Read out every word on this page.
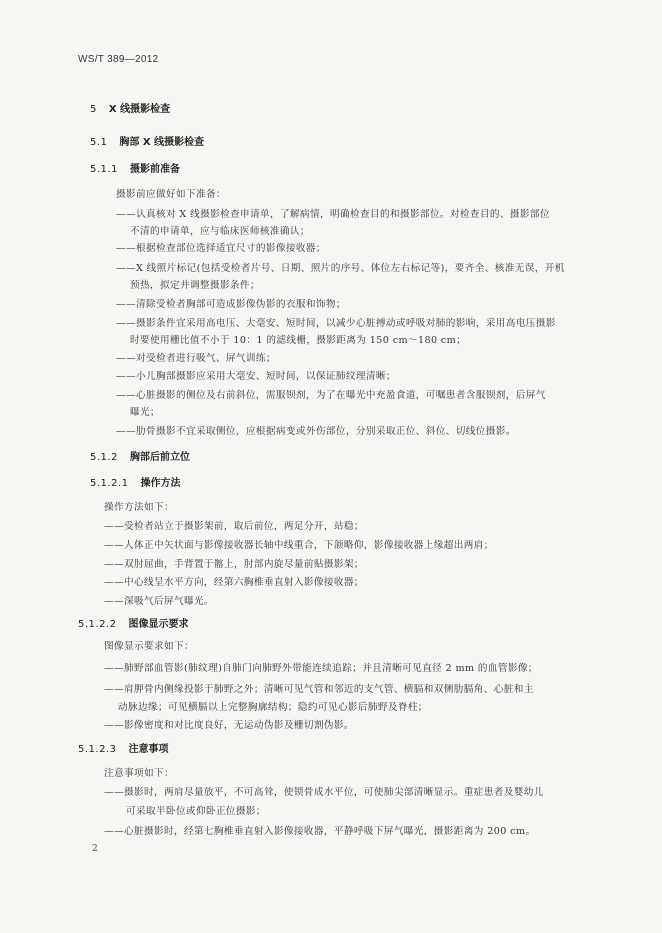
WS/T 389—2012
5 X 线摄影检查
5.1 胸部 X 线摄影检查
5.1.1 摄影前准备
摄影前应做好如下准备：
——认真核对 X 线摄影检查申请单，了解病情，明确检查目的和摄影部位。对检查目的、摄影部位
不清的申请单，应与临床医师核准确认；
——根据检查部位选择适宜尺寸的影像接收器；
——X 线照片标记(包括受检者片号、日期、照片的序号、体位左右标记等)，要齐全、核准无误，开机
预热，拟定并调整摄影条件；
——清除受检者胸部可造成影像伪影的衣服和饰物；
——摄影条件宜采用高电压、大毫安、短时间，以减少心脏搏动或呼吸对肺的影响，采用高电压摄影
时要使用栅比值不小于 10：1 的滤线栅，摄影距离为 150 cm～180 cm；
——对受检者进行吸气、屏气训练；
——小儿胸部摄影应采用大毫安、短时间，以保证肺纹理清晰；
——心脏摄影的侧位及右前斜位，需服钡剂，为了在曝光中充盈食道，可嘱患者含服钡剂，后屏气
曝光；
——肋骨摄影不宜采取侧位，应根据病变或外伤部位，分别采取正位、斜位、切线位摄影。
5.1.2 胸部后前立位
5.1.2.1 操作方法
操作方法如下：
——受检者站立于摄影架前，取后前位，两足分开，站稳；
——人体正中矢状面与影像接收器长轴中线重合，下颌略仰，影像接收器上缘超出两肩；
——双肘屈曲，手背置于髂上，肘部内旋尽量前贴摄影架；
——中心线呈水平方向，经第六胸椎垂直射入影像接收器；
——深吸气后屏气曝光。
5.1.2.2 图像显示要求
图像显示要求如下：
——肺野部血管影(肺纹理)自肺门向肺野外带能连续追踪；并且清晰可见直径 2 mm 的血管影像；
——肩胛骨内侧缘投影于肺野之外；清晰可见气管和邻近的支气管、横膈和双侧肋膈角、心脏和主
动脉边缘；可见横膈以上完整胸廓结构；隐约可见心影后肺野及脊柱；
——影像密度和对比度良好，无运动伪影及栅切割伪影。
5.1.2.3 注意事项
注意事项如下：
——摄影时，两肩尽量放平，不可高耸，使锁骨成水平位，可使肺尖部清晰显示。重症患者及婴幼儿
可采取半卧位或仰卧正位摄影；
——心脏摄影时，经第七胸椎垂直射入影像接收器，平静呼吸下屏气曝光，摄影距离为 200 cm。
2
